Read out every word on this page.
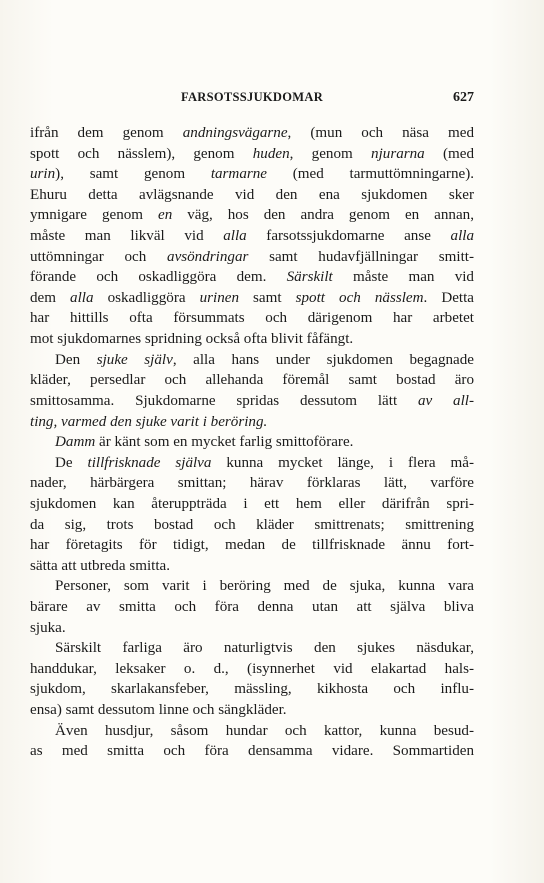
FARSOTSSJUKDOMAR	627
ifrån dem genom andningsvägarne, (mun och näsa med
spott och nässlem), genom huden, genom njurarna (med
urin), samt genom tarmarne (med tarmuttömningarne).
Ehuru detta avlägsnande vid den ena sjukdomen sker
ymnigare genom en väg, hos den andra genom en annan,
måste man likväl vid alla farsotssjukdomarne anse alla
uttömningar och avsöndringar samt hudavfjällningar smitt-
förande och oskadliggöra dem. Särskilt måste man vid
dem alla oskadliggöra urinen samt spott och nässlem. Detta
har hittills ofta försummats och därigenom har arbetet
mot sjukdomarnes spridning också ofta blivit fåfängt.
Den sjuke själv, alla hans under sjukdomen begagnade
kläder, persedlar och allehanda föremål samt bostad äro
smittosamma. Sjukdomarne spridas dessutom lätt av all-
ting, varmed den sjuke varit i beröring.
Damm är känt som en mycket farlig smittoförare.
De tillfrisknade själva kunna mycket länge, i flera må-
nader, härbärgera smittan; härav förklaras lätt, varföre
sjukdomen kan återuppträda i ett hem eller därifrån spri-
da sig, trots bostad och kläder smittrenats; smittrening
har företagits för tidigt, medan de tillfrisknade ännu fort-
sätta att utbreda smitta.
Personer, som varit i beröring med de sjuka, kunna vara
bärare av smitta och föra denna utan att själva bliva
sjuka.
Särskilt farliga äro naturligtvis den sjukes näsdukar,
handdukar, leksaker o. d., (isynnerhet vid elakartad hals-
sjukdom, skarlakansfeber, mässling, kikhosta och influ-
ensa) samt dessutom linne och sängkläder.
Även husdjur, såsom hundar och kattor, kunna besud-
as med smitta och föra densamma vidare. Sommartiden
